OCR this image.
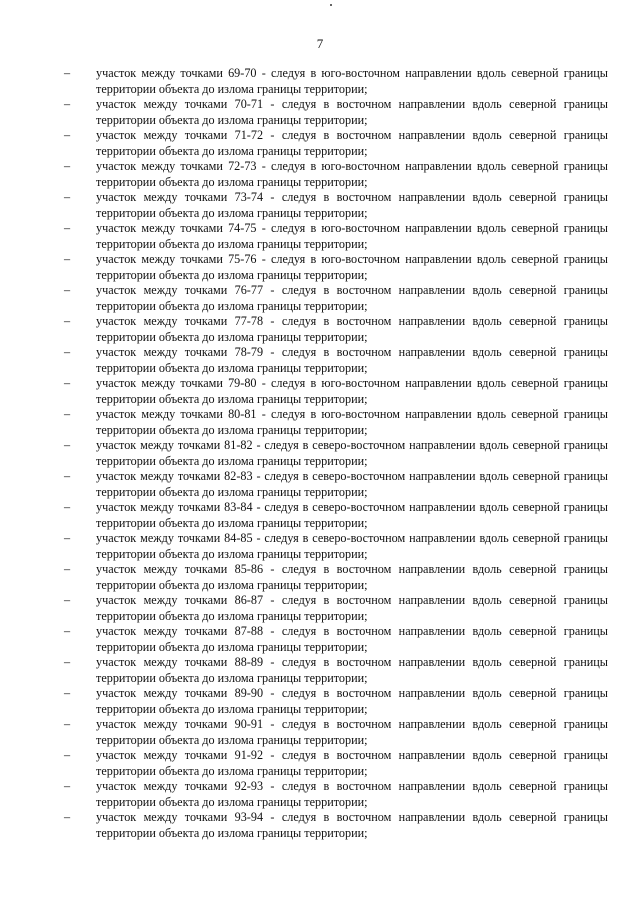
7
– участок между точками 69-70 - следуя в юго-восточном направлении вдоль северной границы территории объекта до излома границы территории;

– участок между точками 70-71 - следуя в восточном направлении вдоль северной границы территории объекта до излома границы территории;

– участок между точками 71-72 - следуя в восточном направлении вдоль северной границы территории объекта до излома границы территории;

– участок между точками 72-73 - следуя в юго-восточном направлении вдоль северной границы территории объекта до излома границы территории;

– участок между точками 73-74 - следуя в восточном направлении вдоль северной границы территории объекта до излома границы территории;

– участок между точками 74-75 - следуя в юго-восточном направлении вдоль северной границы территории объекта до излома границы территории;

– участок между точками 75-76 - следуя в юго-восточном направлении вдоль северной границы территории объекта до излома границы территории;

– участок между точками 76-77 - следуя в восточном направлении вдоль северной границы территории объекта до излома границы территории;

– участок между точками 77-78 - следуя в восточном направлении вдоль северной границы территории объекта до излома границы территории;

– участок между точками 78-79 - следуя в восточном направлении вдоль северной границы территории объекта до излома границы территории;

– участок между точками 79-80 - следуя в юго-восточном направлении вдоль северной границы территории объекта до излома границы территории;

– участок между точками 80-81 - следуя в юго-восточном направлении вдоль северной границы территории объекта до излома границы территории;

– участок между точками 81-82 - следуя в северо-восточном направлении вдоль северной границы территории объекта до излома границы территории;

– участок между точками 82-83 - следуя в северо-восточном направлении вдоль северной границы территории объекта до излома границы территории;

– участок между точками 83-84 - следуя в северо-восточном направлении вдоль северной границы территории объекта до излома границы территории;

– участок между точками 84-85 - следуя в северо-восточном направлении вдоль северной границы территории объекта до излома границы территории;

– участок между точками 85-86 - следуя в восточном направлении вдоль северной границы территории объекта до излома границы территории;

– участок между точками 86-87 - следуя в восточном направлении вдоль северной границы территории объекта до излома границы территории;

– участок между точками 87-88 - следуя в восточном направлении вдоль северной границы территории объекта до излома границы территории;

– участок между точками 88-89 - следуя в восточном направлении вдоль северной границы территории объекта до излома границы территории;

– участок между точками 89-90 - следуя в восточном направлении вдоль северной границы территории объекта до излома границы территории;

– участок между точками 90-91 - следуя в восточном направлении вдоль северной границы территории объекта до излома границы территории;

– участок между точками 91-92 - следуя в восточном направлении вдоль северной границы территории объекта до излома границы территории;

– участок между точками 92-93 - следуя в восточном направлении вдоль северной границы территории объекта до излома границы территории;

– участок между точками 93-94 - следуя в восточном направлении вдоль северной границы территории объекта до излома границы территории;
